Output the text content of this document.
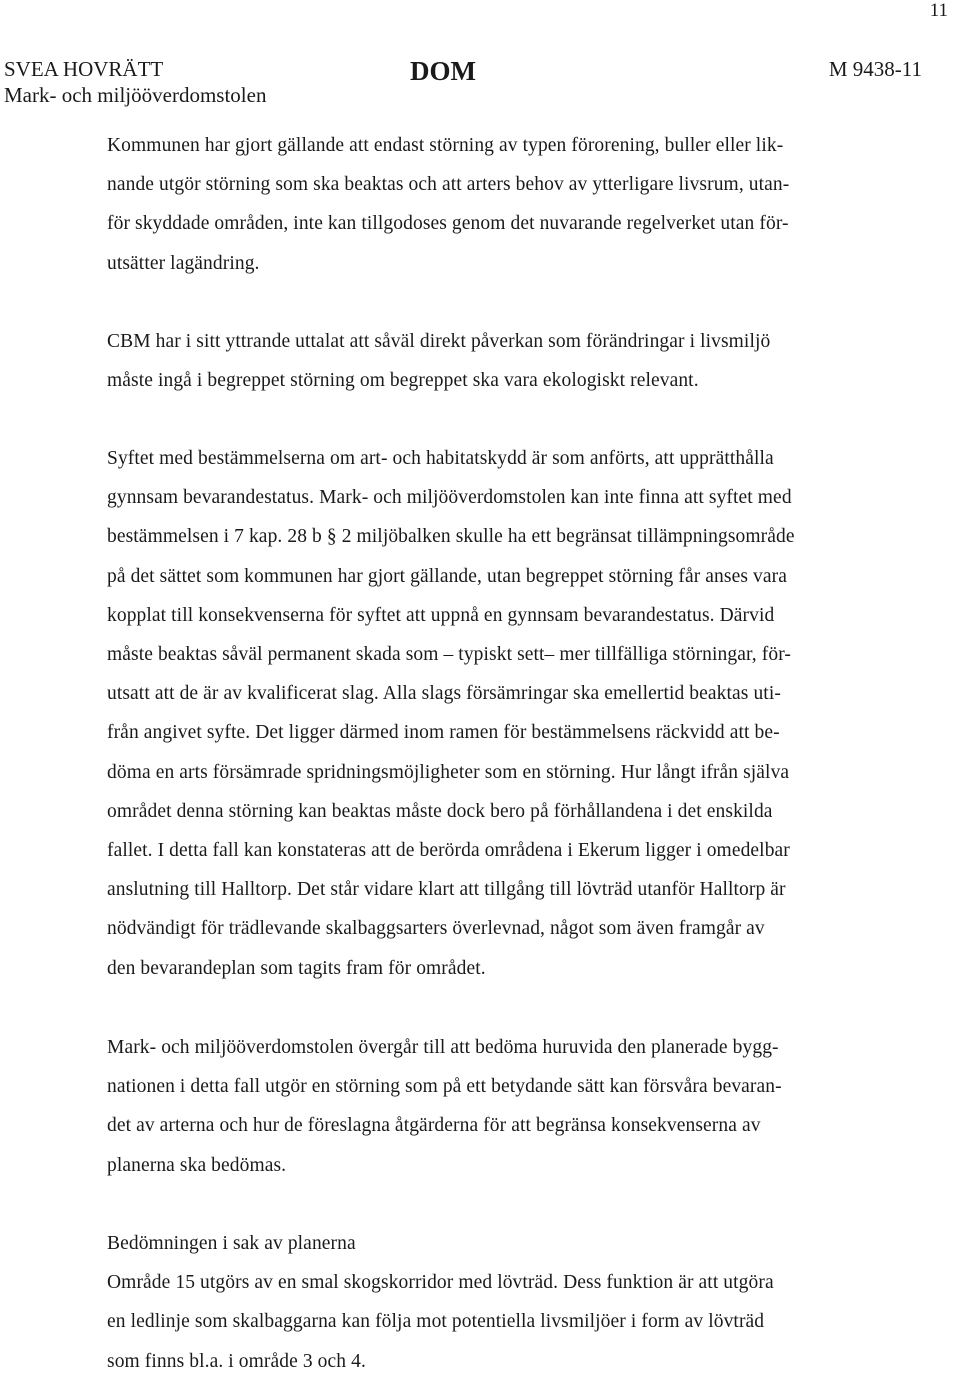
11
SVEA HOVRÄTT
Mark- och miljööverdomstolen
DOM	M 9438-11
Kommunen har gjort gällande att endast störning av typen förorening, buller eller lik-
nande utgör störning som ska beaktas och att arters behov av ytterligare livsrum, utan-
för skyddade områden, inte kan tillgodoses genom det nuvarande regelverket utan för-
utsätter lagändring.
CBM har i sitt yttrande uttalat att såväl direkt påverkan som förändringar i livsmiljö
måste ingå i begreppet störning om begreppet ska vara ekologiskt relevant.
Syftet med bestämmelserna om art- och habitatskydd är som anförts, att upprätthålla
gynnsam bevarandestatus. Mark- och miljööverdomstolen kan inte finna att syftet med
bestämmelsen i 7 kap. 28 b § 2 miljöbalken skulle ha ett begränsat tillämpningsområde
på det sättet som kommunen har gjort gällande, utan begreppet störning får anses vara
kopplat till konsekvenserna för syftet att uppnå en gynnsam bevarandestatus. Därvid
måste beaktas såväl permanent skada som – typiskt sett– mer tillfälliga störningar, för-
utsatt att de är av kvalificerat slag. Alla slags försämringar ska emellertid beaktas uti-
från angivet syfte. Det ligger därmed inom ramen för bestämmelsens räckvidd att be-
döma en arts försämrade spridningsmöjligheter som en störning. Hur långt ifrån själva
området denna störning kan beaktas måste dock bero på förhållandena i det enskilda
fallet. I detta fall kan konstateras att de berörda områdena i Ekerum ligger i omedelbar
anslutning till Halltorp. Det står vidare klart att tillgång till lövträd utanför Halltorp är
nödvändigt för trädlevande skalbaggsarters överlevnad, något som även framgår av
den bevarandeplan som tagits fram för området.
Mark- och miljööverdomstolen övergår till att bedöma huruvida den planerade bygg-
nationen i detta fall utgör en störning som på ett betydande sätt kan försvåra bevaran-
det av arterna och hur de föreslagna åtgärderna för att begränsa konsekvenserna av
planerna ska bedömas.
Bedömningen i sak av planerna
Område 15 utgörs av en smal skogskorridor med lövträd. Dess funktion är att utgöra
en ledlinje som skalbaggarna kan följa mot potentiella livsmiljöer i form av lövträd
som finns bl.a. i område 3 och 4.
